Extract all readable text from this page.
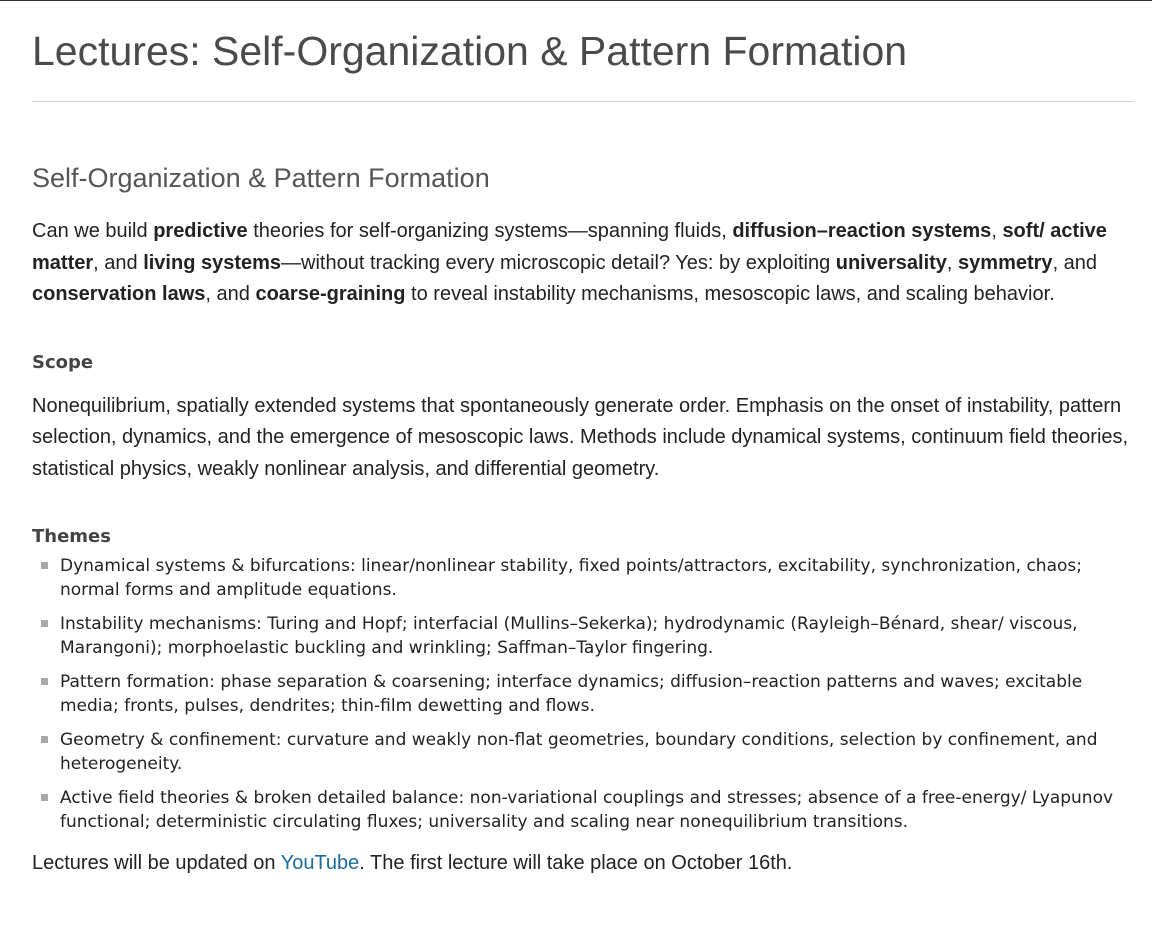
Lectures: Self-Organization & Pattern Formation
Self-Organization & Pattern Formation

Can we build predictive theories for self-organizing systems—spanning fluids, diffusion–reaction systems, soft/ active matter, and living systems—without tracking every microscopic detail? Yes: by exploiting universality, symmetry, and conservation laws, and coarse-graining to reveal instability mechanisms, mesoscopic laws, and scaling behavior.

Scope

Nonequilibrium, spatially extended systems that spontaneously generate order. Emphasis on the onset of instability, pattern selection, dynamics, and the emergence of mesoscopic laws. Methods include dynamical systems, continuum field theories, statistical physics, weakly nonlinear analysis, and differential geometry.

Themes
Dynamical systems & bifurcations: linear/nonlinear stability, fixed points/attractors, excitability, synchronization, chaos; normal forms and amplitude equations.
Instability mechanisms: Turing and Hopf; interfacial (Mullins–Sekerka); hydrodynamic (Rayleigh–Bénard, shear/ viscous, Marangoni); morphoelastic buckling and wrinkling; Saffman–Taylor fingering.
Pattern formation: phase separation & coarsening; interface dynamics; diffusion–reaction patterns and waves; excitable media; fronts, pulses, dendrites; thin-film dewetting and flows.
Geometry & confinement: curvature and weakly non-flat geometries, boundary conditions, selection by confinement, and heterogeneity.
Active field theories & broken detailed balance: non-variational couplings and stresses; absence of a free-energy/ Lyapunov functional; deterministic circulating fluxes; universality and scaling near nonequilibrium transitions.

Lectures will be updated on YouTube. The first lecture will take place on October 16th.
